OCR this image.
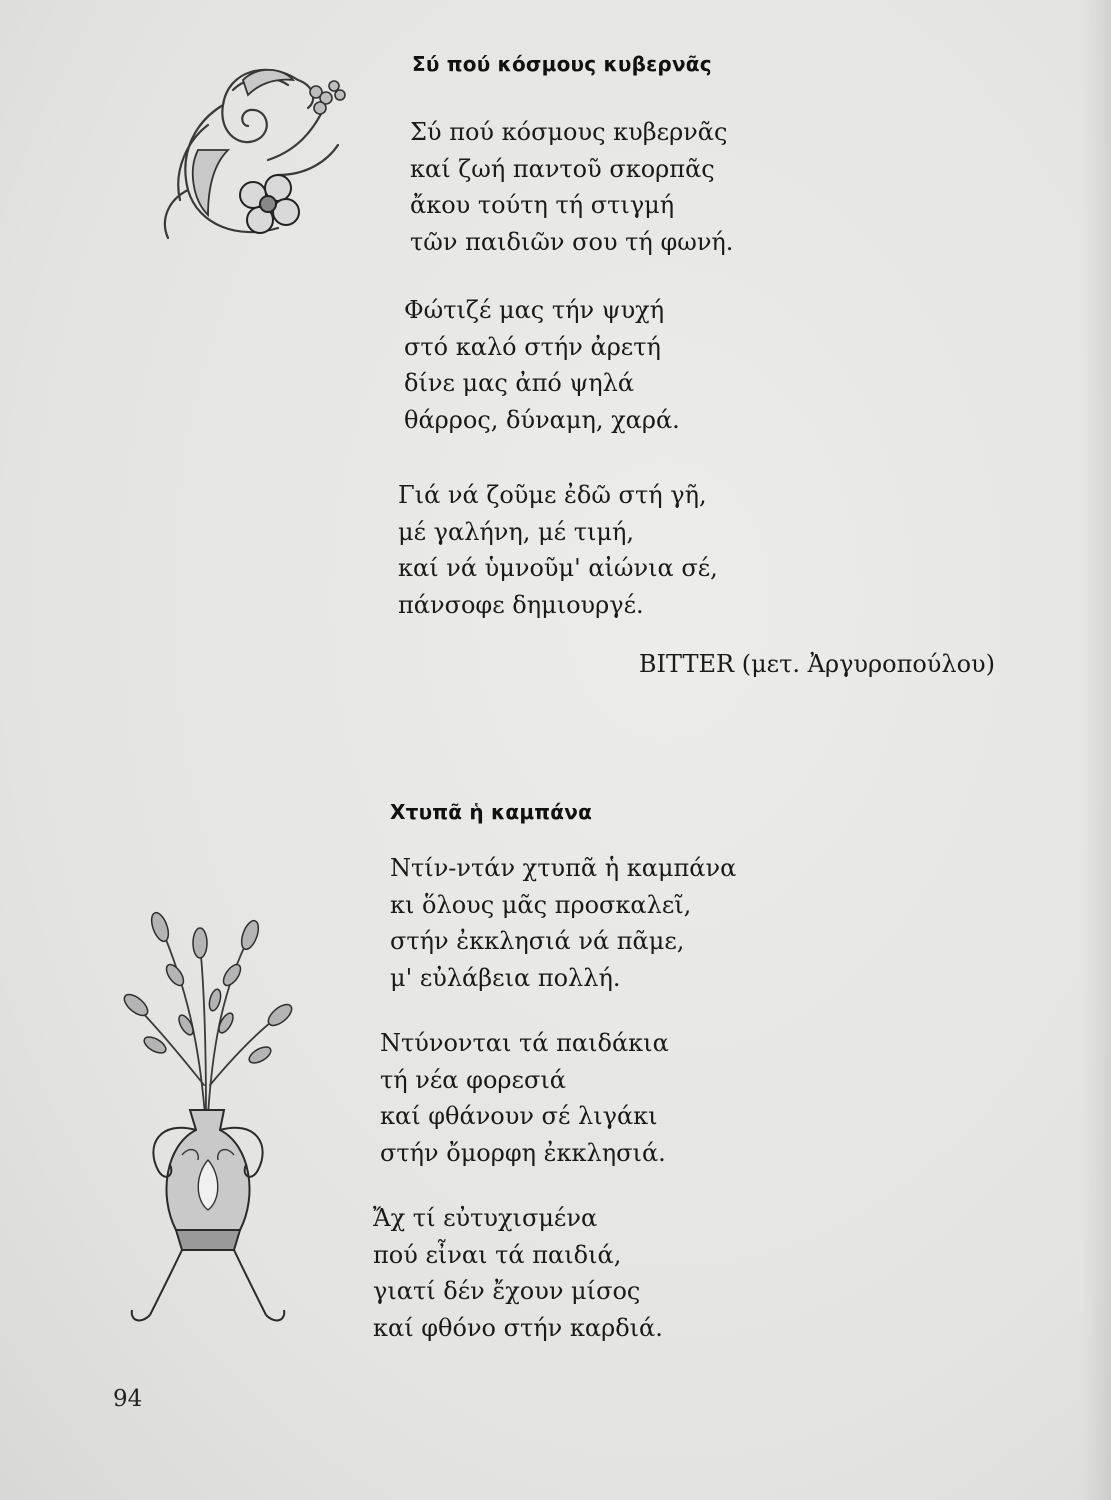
Σύ πού κόσμους κυβερνᾶς
Σύ πού κόσμους κυβερνᾶς
καί ζωή παντοῦ σκορπᾶς
ἄκου τούτη τή στιγμή
τῶν παιδιῶν σου τή φωνή.
Φώτιζέ μας τήν ψυχή
στό καλό στήν ἀρετή
δίνε μας ἀπό ψηλά
θάρρος, δύναμη, χαρά.
Γιά νά ζοῦμε ἐδῶ στή γῆ,
μέ γαλήνη, μέ τιμή,
καί νά ὑμνοῦμ' αἰώνια σέ,
πάνσοφε δημιουργέ.
BITTER (μετ. Ἀργυροπούλου)
Χτυπᾶ ἡ καμπάνα
Ντίν-ντάν χτυπᾶ ἡ καμπάνα
κι ὅλους μᾶς προσκαλεῖ,
στήν ἐκκλησιά νά πᾶμε,
μ' εὐλάβεια πολλή.
Ντύνονται τά παιδάκια
τή νέα φορεσιά
καί φθάνουν σέ λιγάκι
στήν ὄμορφη ἐκκλησιά.
Ἄχ τί εὐτυχισμένα
πού εἶναι τά παιδιά,
γιατί δέν ἔχουν μίσος
καί φθόνο στήν καρδιά.
94
